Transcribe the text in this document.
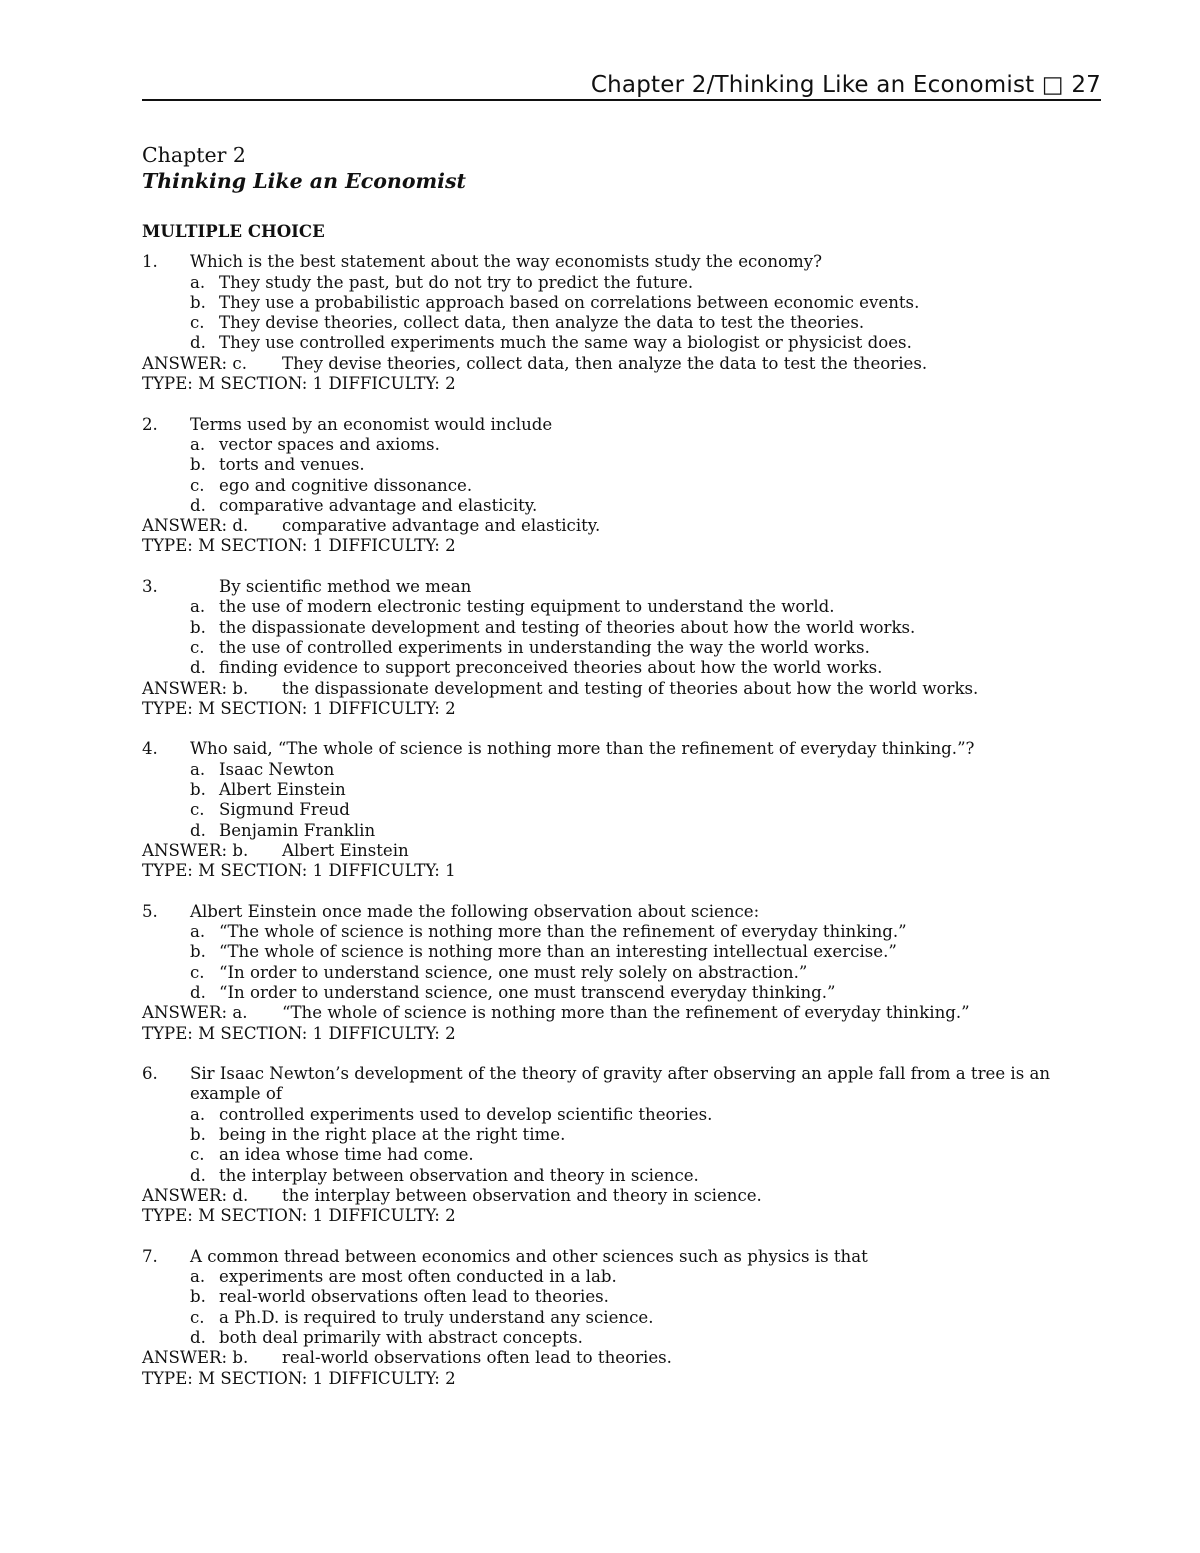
Chapter 2/Thinking Like an Economist □ 27
Chapter 2
Thinking Like an Economist
MULTIPLE CHOICE
1.	Which is the best statement about the way economists study the economy?
a. They study the past, but do not try to predict the future.
b. They use a probabilistic approach based on correlations between economic events.
c. They devise theories, collect data, then analyze the data to test the theories.
d. They use controlled experiments much the same way a biologist or physicist does.
ANSWER: c.	They devise theories, collect data, then analyze the data to test the theories.
TYPE: M SECTION: 1 DIFFICULTY: 2
2.	Terms used by an economist would include
a. vector spaces and axioms.
b. torts and venues.
c. ego and cognitive dissonance.
d. comparative advantage and elasticity.
ANSWER: d.	comparative advantage and elasticity.
TYPE: M SECTION: 1 DIFFICULTY: 2
3.	By scientific method we mean
a. the use of modern electronic testing equipment to understand the world.
b. the dispassionate development and testing of theories about how the world works.
c. the use of controlled experiments in understanding the way the world works.
d. finding evidence to support preconceived theories about how the world works.
ANSWER: b.	the dispassionate development and testing of theories about how the world works.
TYPE: M SECTION: 1 DIFFICULTY: 2
4.	Who said, “The whole of science is nothing more than the refinement of everyday thinking.”?
a. Isaac Newton
b. Albert Einstein
c. Sigmund Freud
d. Benjamin Franklin
ANSWER: b.	Albert Einstein
TYPE: M SECTION: 1 DIFFICULTY: 1
5.	Albert Einstein once made the following observation about science:
a. “The whole of science is nothing more than the refinement of everyday thinking.”
b. “The whole of science is nothing more than an interesting intellectual exercise.”
c. “In order to understand science, one must rely solely on abstraction.”
d. “In order to understand science, one must transcend everyday thinking.”
ANSWER: a.	“The whole of science is nothing more than the refinement of everyday thinking.”
TYPE: M SECTION: 1 DIFFICULTY: 2
6.	Sir Isaac Newton’s development of the theory of gravity after observing an apple fall from a tree is an example of
a. controlled experiments used to develop scientific theories.
b. being in the right place at the right time.
c. an idea whose time had come.
d. the interplay between observation and theory in science.
ANSWER: d.	the interplay between observation and theory in science.
TYPE: M SECTION: 1 DIFFICULTY: 2
7.	A common thread between economics and other sciences such as physics is that
a. experiments are most often conducted in a lab.
b. real-world observations often lead to theories.
c. a Ph.D. is required to truly understand any science.
d. both deal primarily with abstract concepts.
ANSWER: b.	real-world observations often lead to theories.
TYPE: M SECTION: 1 DIFFICULTY: 2
